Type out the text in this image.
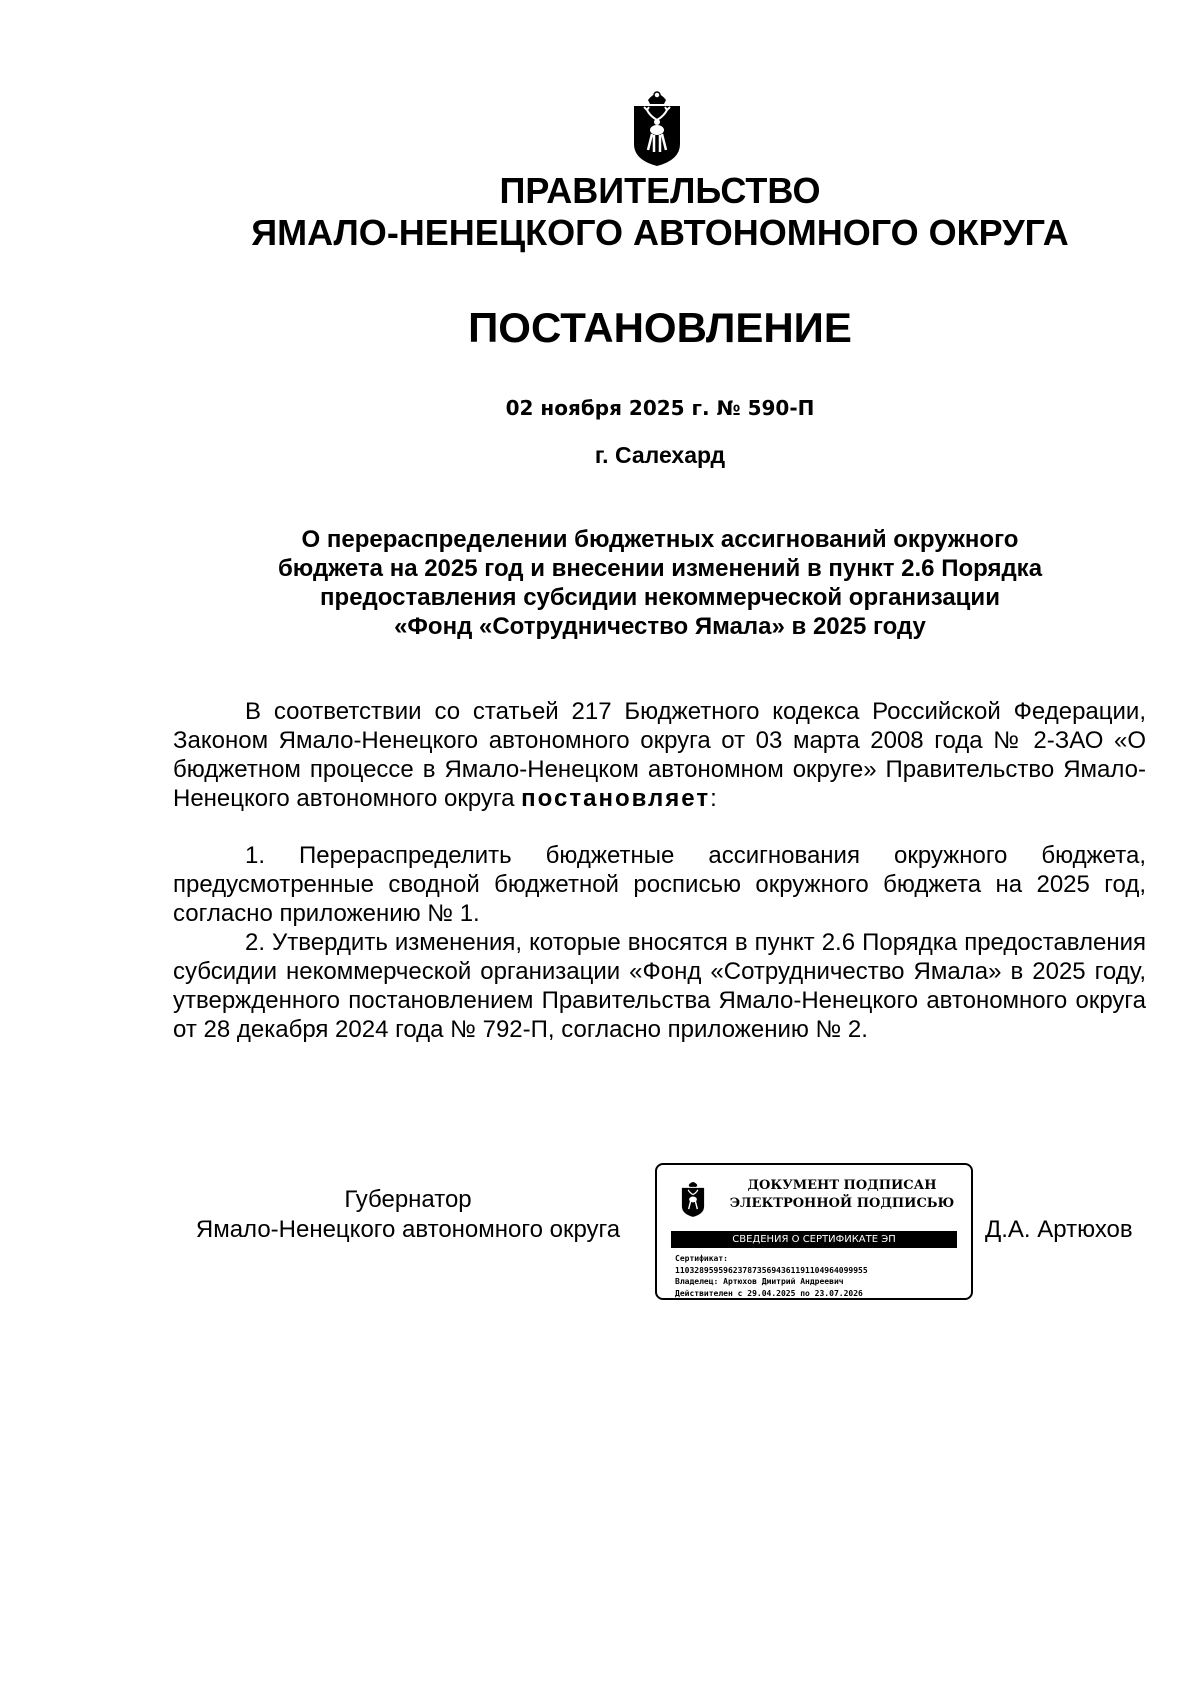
ПРАВИТЕЛЬСТВО
ЯМАЛО-НЕНЕЦКОГО АВТОНОМНОГО ОКРУГА
ПОСТАНОВЛЕНИЕ
02 ноября 2025 г. № 590-П
г. Салехард
О перераспределении бюджетных ассигнований окружного
бюджета на 2025 год и внесении изменений в пункт 2.6 Порядка
предоставления субсидии некоммерческой организации
«Фонд «Сотрудничество Ямала» в 2025 году

В соответствии со статьей 217 Бюджетного кодекса Российской Федерации, Законом Ямало-Ненецкого автономного округа от 03 марта 2008 года № 2-ЗАО «О бюджетном процессе в Ямало-Ненецком автономном округе» Правительство Ямало-Ненецкого автономного округа постановляет:

1. Перераспределить бюджетные ассигнования окружного бюджета, предусмотренные сводной бюджетной росписью окружного бюджета на 2025 год, согласно приложению № 1.

2. Утвердить изменения, которые вносятся в пункт 2.6 Порядка предоставления субсидии некоммерческой организации «Фонд «Сотрудничество Ямала» в 2025 году, утвержденного постановлением Правительства Ямало-Ненецкого автономного округа от 28 декабря 2024 года № 792-П, согласно приложению № 2.

Губернатор
Ямало-Ненецкого автономного округа
ДОКУМЕНТ ПОДПИСАН
ЭЛЕКТРОННОЙ ПОДПИСЬЮ
СВЕДЕНИЯ О СЕРТИФИКАТЕ ЭП
Сертификат:
1103289595962378735694361191104964099955
Владелец: Артюхов Дмитрий Андреевич
Действителен с 29.04.2025 по 23.07.2026
Д.А. Артюхов
